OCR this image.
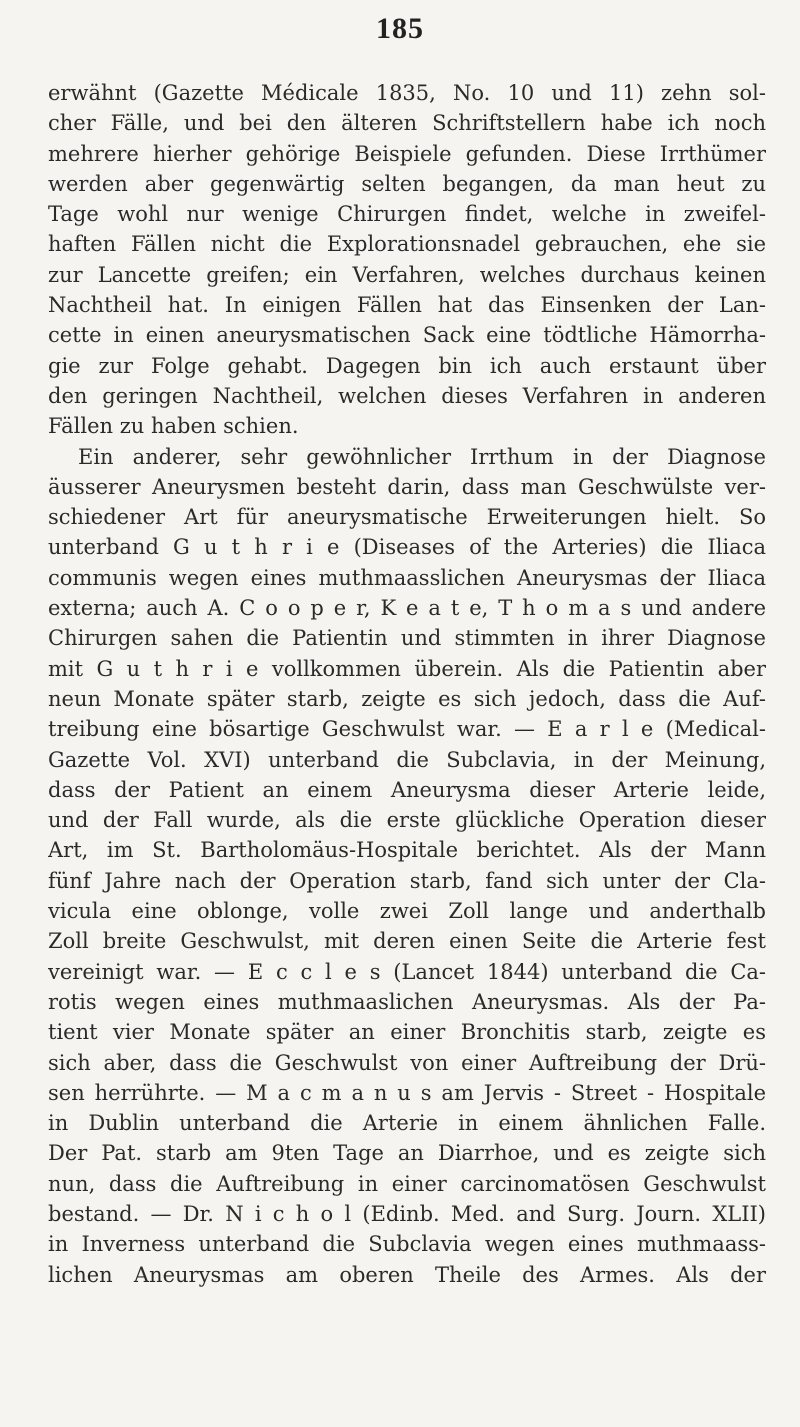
185
erwähnt (Gazette Médicale 1835, No. 10 und 11) zehn sol-
cher Fälle, und bei den älteren Schriftstellern habe ich noch
mehrere hierher gehörige Beispiele gefunden. Diese Irrthümer
werden aber gegenwärtig selten begangen, da man heut zu
Tage wohl nur wenige Chirurgen findet, welche in zweifel-
haften Fällen nicht die Explorationsnadel gebrauchen, ehe sie
zur Lancette greifen; ein Verfahren, welches durchaus keinen
Nachtheil hat. In einigen Fällen hat das Einsenken der Lan-
cette in einen aneurysmatischen Sack eine tödtliche Hämorrha-
gie zur Folge gehabt. Dagegen bin ich auch erstaunt über
den geringen Nachtheil, welchen dieses Verfahren in anderen
Fällen zu haben schien.
Ein anderer, sehr gewöhnlicher Irrthum in der Diagnose
äusserer Aneurysmen besteht darin, dass man Geschwülste ver-
schiedener Art für aneurysmatische Erweiterungen hielt. So
unterband G u t h r i e (Diseases of the Arteries) die Iliaca
communis wegen eines muthmaasslichen Aneurysmas der Iliaca
externa; auch A. C o o p e r, K e a t e, T h o m a s und andere
Chirurgen sahen die Patientin und stimmten in ihrer Diagnose
mit G u t h r i e vollkommen überein. Als die Patientin aber
neun Monate später starb, zeigte es sich jedoch, dass die Auf-
treibung eine bösartige Geschwulst war. — E a r l e (Medical-
Gazette Vol. XVI) unterband die Subclavia, in der Meinung,
dass der Patient an einem Aneurysma dieser Arterie leide,
und der Fall wurde, als die erste glückliche Operation dieser
Art, im St. Bartholomäus-Hospitale berichtet. Als der Mann
fünf Jahre nach der Operation starb, fand sich unter der Cla-
vicula eine oblonge, volle zwei Zoll lange und anderthalb
Zoll breite Geschwulst, mit deren einen Seite die Arterie fest
vereinigt war. — E c c l e s (Lancet 1844) unterband die Ca-
rotis wegen eines muthmaaslichen Aneurysmas. Als der Pa-
tient vier Monate später an einer Bronchitis starb, zeigte es
sich aber, dass die Geschwulst von einer Auftreibung der Drü-
sen herrührte. — M a c m a n u s am Jervis - Street - Hospitale
in Dublin unterband die Arterie in einem ähnlichen Falle.
Der Pat. starb am 9ten Tage an Diarrhoe, und es zeigte sich
nun, dass die Auftreibung in einer carcinomatösen Geschwulst
bestand. — Dr. N i c h o l (Edinb. Med. and Surg. Journ. XLII)
in Inverness unterband die Subclavia wegen eines muthmaass-
lichen Aneurysmas am oberen Theile des Armes. Als der
